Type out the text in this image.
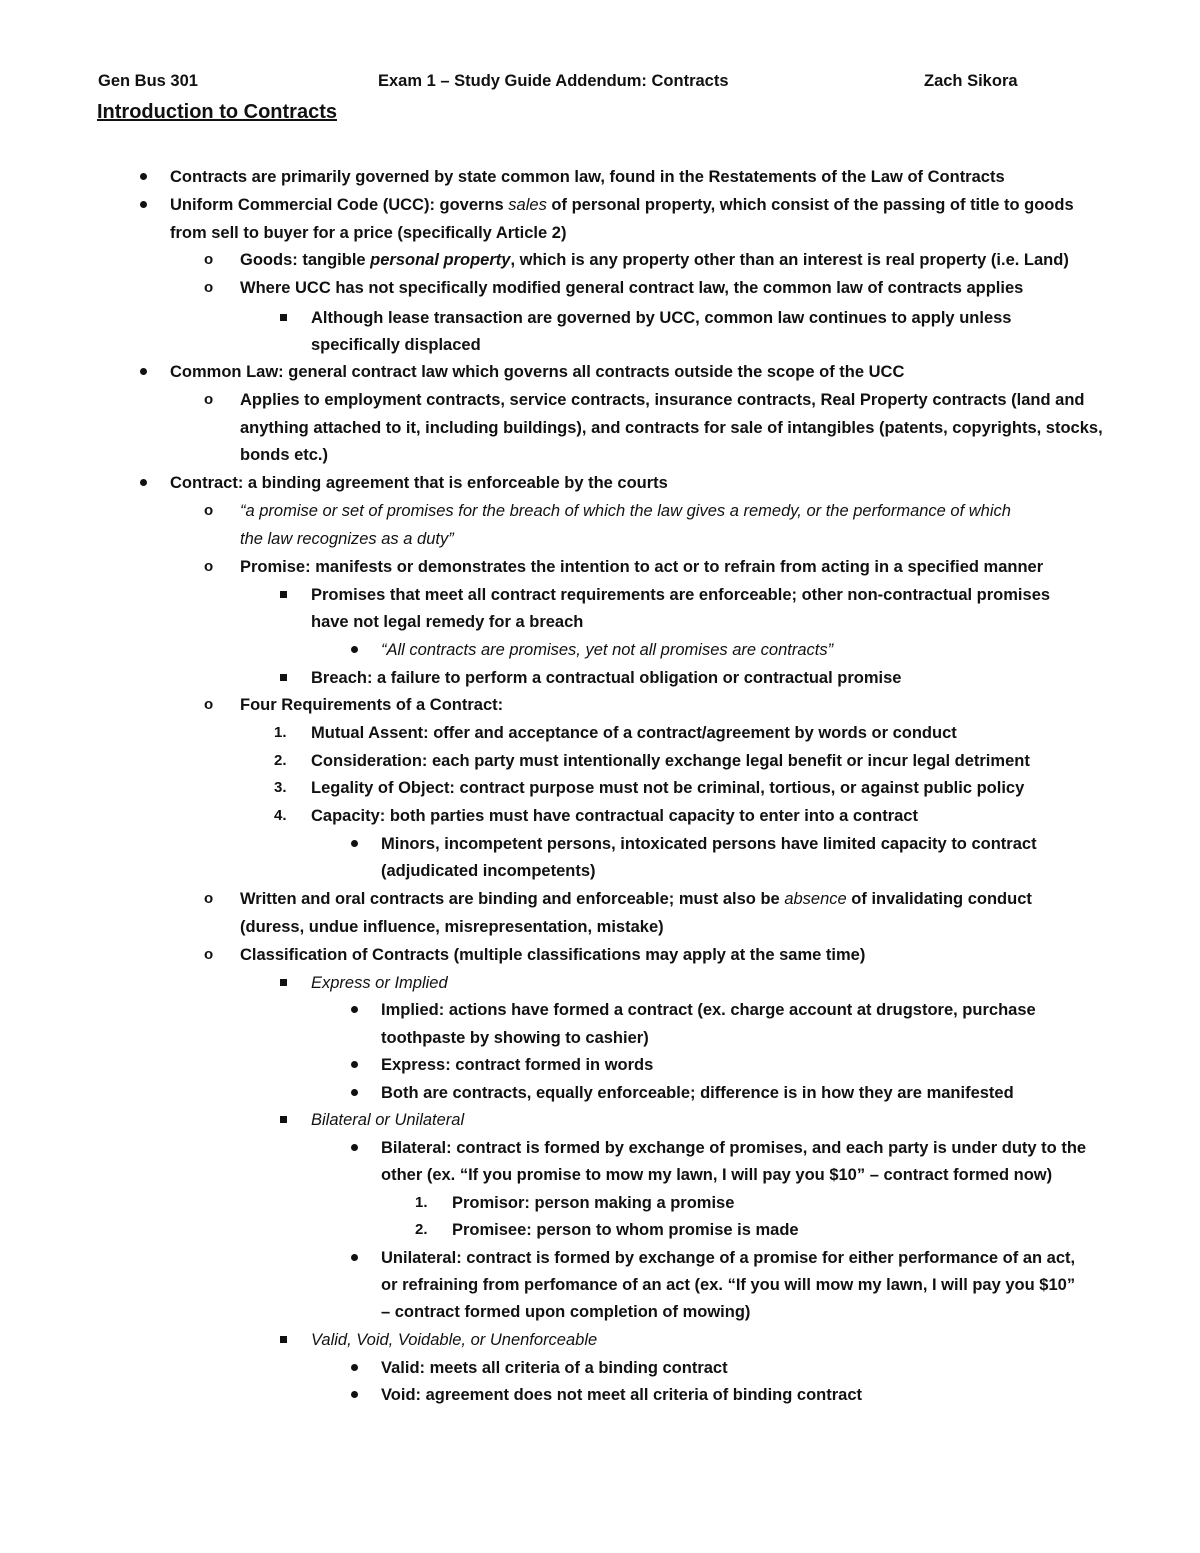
Gen Bus 301	Exam 1 – Study Guide Addendum: Contracts	Zach Sikora
Introduction to Contracts
Contracts are primarily governed by state common law, found in the Restatements of the Law of Contracts
Uniform Commercial Code (UCC): governs sales of personal property, which consist of the passing of title to goods
from sell to buyer for a price (specifically Article 2)
o Goods: tangible personal property, which is any property other than an interest is real property (i.e. Land)
o Where UCC has not specifically modified general contract law, the common law of contracts applies
Although lease transaction are governed by UCC, common law continues to apply unless
specifically displaced
Common Law: general contract law which governs all contracts outside the scope of the UCC
o Applies to employment contracts, service contracts, insurance contracts, Real Property contracts (land and
anything attached to it, including buildings), and contracts for sale of intangibles (patents, copyrights, stocks,
bonds etc.)
Contract: a binding agreement that is enforceable by the courts
o “a promise or set of promises for the breach of which the law gives a remedy, or the performance of which
the law recognizes as a duty”
o Promise: manifests or demonstrates the intention to act or to refrain from acting in a specified manner
Promises that meet all contract requirements are enforceable; other non-contractual promises
have not legal remedy for a breach
“All contracts are promises, yet not all promises are contracts”
Breach: a failure to perform a contractual obligation or contractual promise
o Four Requirements of a Contract:
1. Mutual Assent: offer and acceptance of a contract/agreement by words or conduct
2. Consideration: each party must intentionally exchange legal benefit or incur legal detriment
3. Legality of Object: contract purpose must not be criminal, tortious, or against public policy
4. Capacity: both parties must have contractual capacity to enter into a contract
Minors, incompetent persons, intoxicated persons have limited capacity to contract
(adjudicated incompetents)
o Written and oral contracts are binding and enforceable; must also be absence of invalidating conduct
(duress, undue influence, misrepresentation, mistake)
o Classification of Contracts (multiple classifications may apply at the same time)
Express or Implied
Implied: actions have formed a contract (ex. charge account at drugstore, purchase
toothpaste by showing to cashier)
Express: contract formed in words
Both are contracts, equally enforceable; difference is in how they are manifested
Bilateral or Unilateral
Bilateral: contract is formed by exchange of promises, and each party is under duty to the
other (ex. “If you promise to mow my lawn, I will pay you $10” – contract formed now)
1. Promisor: person making a promise
2. Promisee: person to whom promise is made
Unilateral: contract is formed by exchange of a promise for either performance of an act,
or refraining from perfomance of an act (ex. “If you will mow my lawn, I will pay you $10”
– contract formed upon completion of mowing)
Valid, Void, Voidable, or Unenforceable
Valid: meets all criteria of a binding contract
Void: agreement does not meet all criteria of binding contract
